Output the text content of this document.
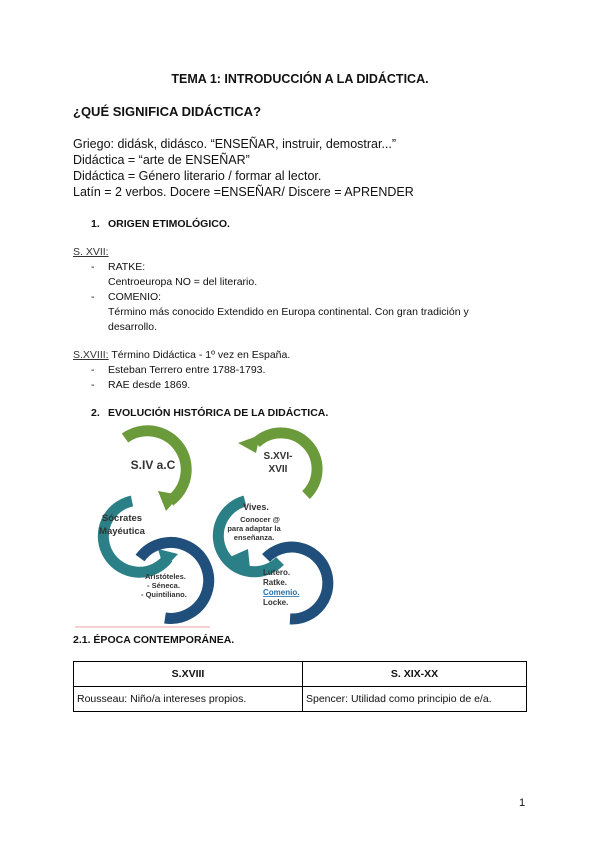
TEMA 1: INTRODUCCIÓN A LA DIDÁCTICA.
¿QUÉ SIGNIFICA DIDÁCTICA?
Griego: didásk, didásco. “ENSEÑAR, instruir, demostrar...”
Didáctica = “arte de ENSEÑAR”
Didáctica = Género literario / formar al lector.
Latín = 2 verbos. Docere =ENSEÑAR/ Discere = APRENDER
1. ORIGEN ETIMOLÓGICO.
S. XVII:
- RATKE:
Centroeuropa NO = del literario.
- COMENIO:
Término más conocido Extendido en Europa continental. Con gran tradición y
desarrollo.
S.XVIII: Término Didáctica - 1º vez en España.
- Esteban Terrero entre 1788-1793.
- RAE desde 1869.
2. EVOLUCIÓN HISTÓRICA DE LA DIDÁCTICA.
S.IV a.C
Sócrates
Mayéutica
Aristóteles.
- Séneca.
- Quintiliano.
S.XVI-
XVII
Vives.
Conocer @
para adaptar la
enseñanza.
Lutero.
Ratke.
Comenio.
Locke.
2.1. ÉPOCA CONTEMPORÁNEA.
S.XVIII	S. XIX-XX
Rousseau: Niño/a intereses propios.	Spencer: Utilidad como principio de e/a.
1
